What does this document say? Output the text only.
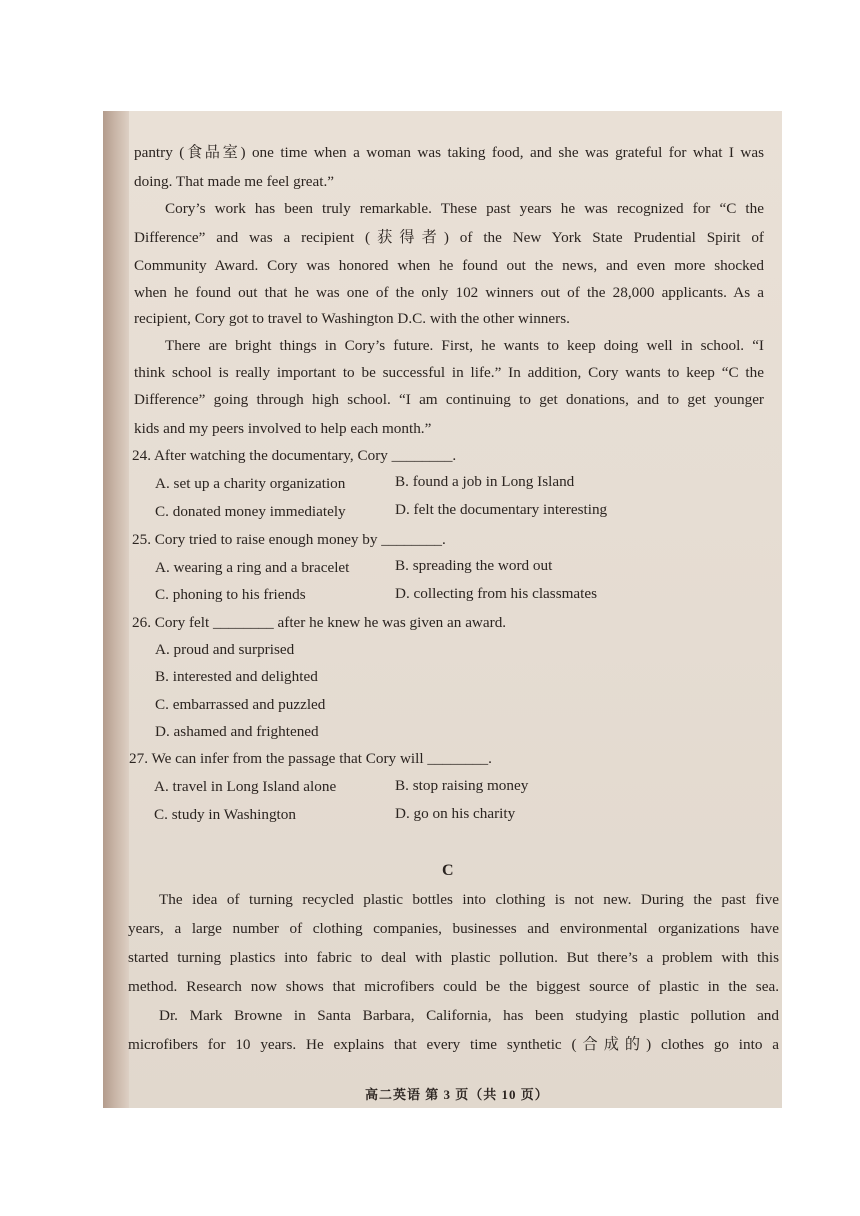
pantry (食品室) one time when a woman was taking food, and she was grateful for what I was
doing. That made me feel great.”
Cory’s work has been truly remarkable. These past years he was recognized for “C the
Difference” and was a recipient (获得者) of the New York State Prudential Spirit of
Community Award. Cory was honored when he found out the news, and even more shocked
when he found out that he was one of the only 102 winners out of the 28,000 applicants. As a
recipient, Cory got to travel to Washington D.C. with the other winners.
There are bright things in Cory’s future. First, he wants to keep doing well in school. “I
think school is really important to be successful in life.” In addition, Cory wants to keep “C the
Difference” going through high school. “I am continuing to get donations, and to get younger
kids and my peers involved to help each month.”
24. After watching the documentary, Cory ________.
A. set up a charity organization	B. found a job in Long Island
C. donated money immediately	D. felt the documentary interesting
25. Cory tried to raise enough money by ________.
A. wearing a ring and a bracelet	B. spreading the word out
C. phoning to his friends	D. collecting from his classmates
26. Cory felt ________ after he knew he was given an award.
A. proud and surprised
B. interested and delighted
C. embarrassed and puzzled
D. ashamed and frightened
27. We can infer from the passage that Cory will ________.
A. travel in Long Island alone	B. stop raising money
C. study in Washington	D. go on his charity
C
The idea of turning recycled plastic bottles into clothing is not new. During the past five
years, a large number of clothing companies, businesses and environmental organizations have
started turning plastics into fabric to deal with plastic pollution. But there’s a problem with this
method. Research now shows that microfibers could be the biggest source of plastic in the sea.
Dr. Mark Browne in Santa Barbara, California, has been studying plastic pollution and
microfibers for 10 years. He explains that every time synthetic (合成的) clothes go into a
高二英语 第 3 页（共 10 页）
